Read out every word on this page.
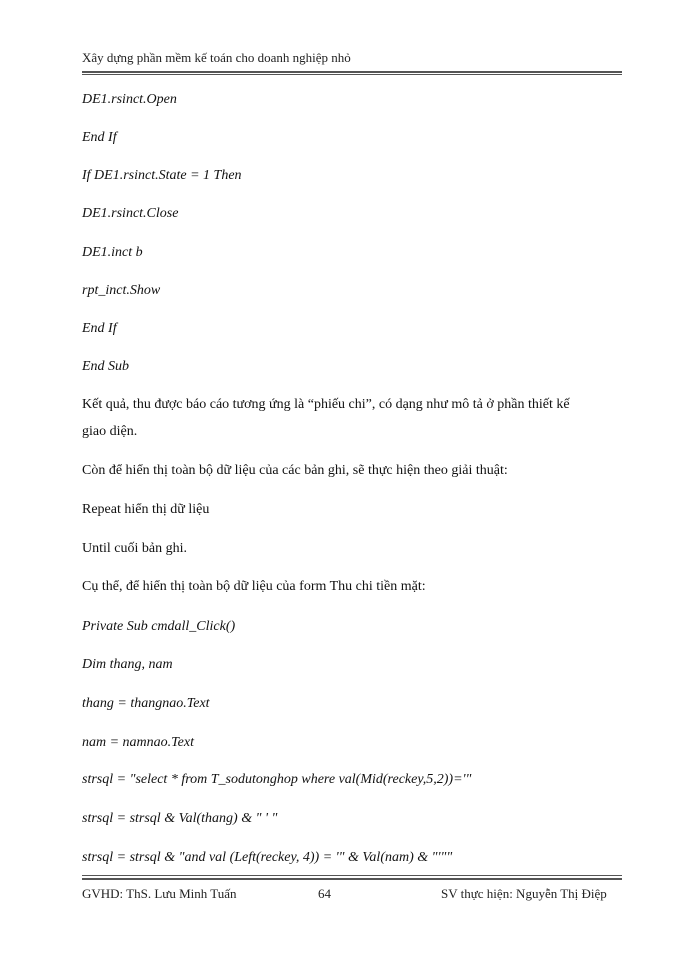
Xây dựng phần mềm kế toán cho doanh nghiệp nhỏ
DE1.rsinct.Open
End If
If DE1.rsinct.State = 1 Then
DE1.rsinct.Close
DE1.inct b
rpt_inct.Show
End If
End Sub
Kết quả, thu được báo cáo tương ứng là “phiếu chi”, có dạng như mô tả ở phần thiết kế
giao diện.
Còn để hiển thị toàn bộ dữ liệu của các bản ghi, sẽ thực hiện theo giải thuật:
Repeat hiển thị dữ liệu
Until cuối bản ghi.
Cụ thể, để hiển thị toàn bộ dữ liệu của form Thu chi tiền mặt:
Private Sub cmdall_Click()
Dim thang, nam
thang = thangnao.Text
nam = namnao.Text
strsql = "select * from T_sodutonghop where val(Mid(reckey,5,2))='"
strsql = strsql & Val(thang) & " ' "
strsql = strsql & "and val (Left(reckey, 4)) = '" & Val(nam) & "'""
GVHD: ThS. Lưu Minh Tuấn	64	SV thực hiện: Nguyễn Thị Điệp
